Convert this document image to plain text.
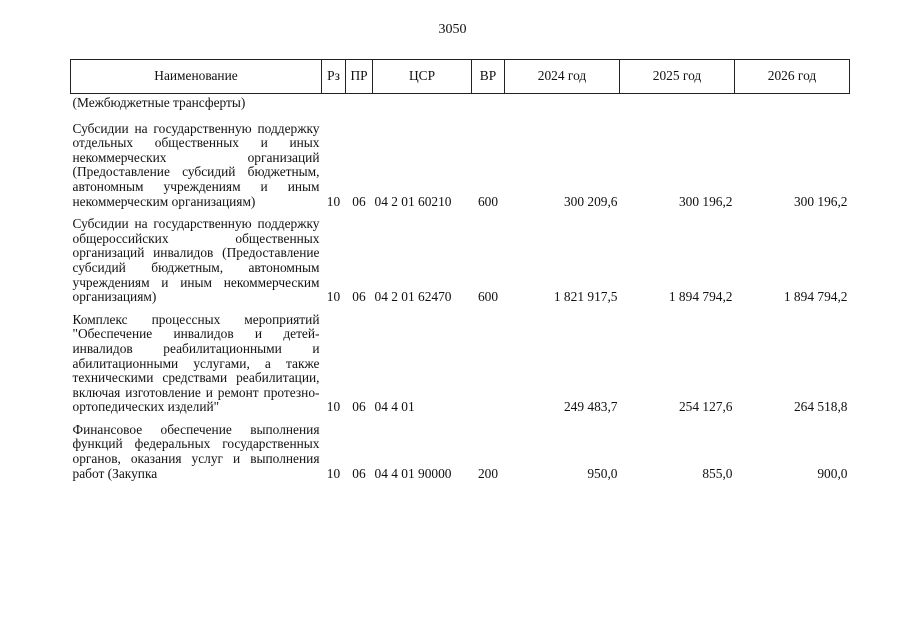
3050
Наименование	Рз	ПР	ЦСР	ВР	2024 год	2025 год	2026 год
(Межбюджетные трансферты)							
Субсидии на государственную поддержку отдельных общественных и иных некоммерческих организаций (Предоставление субсидий бюджетным, автономным учреждениям и иным некоммерческим организациям)	10	06	04 2 01 60210	600	300 209,6	300 196,2	300 196,2
Субсидии на государственную поддержку общероссийских общественных организаций инвалидов (Предоставление субсидий бюджетным, автономным учреждениям и иным некоммерческим организациям)	10	06	04 2 01 62470	600	1 821 917,5	1 894 794,2	1 894 794,2
Комплекс процессных мероприятий "Обеспечение инвалидов и детей-инвалидов реабилитационными и абилитационными услугами, а также техническими средствами реабилитации, включая изготовление и ремонт протезно-ортопедических изделий"	10	06	04 4 01		249 483,7	254 127,6	264 518,8
Финансовое обеспечение выполнения функций федеральных государственных органов, оказания услуг и выполнения работ (Закупка	10	06	04 4 01 90000	200	950,0	855,0	900,0
